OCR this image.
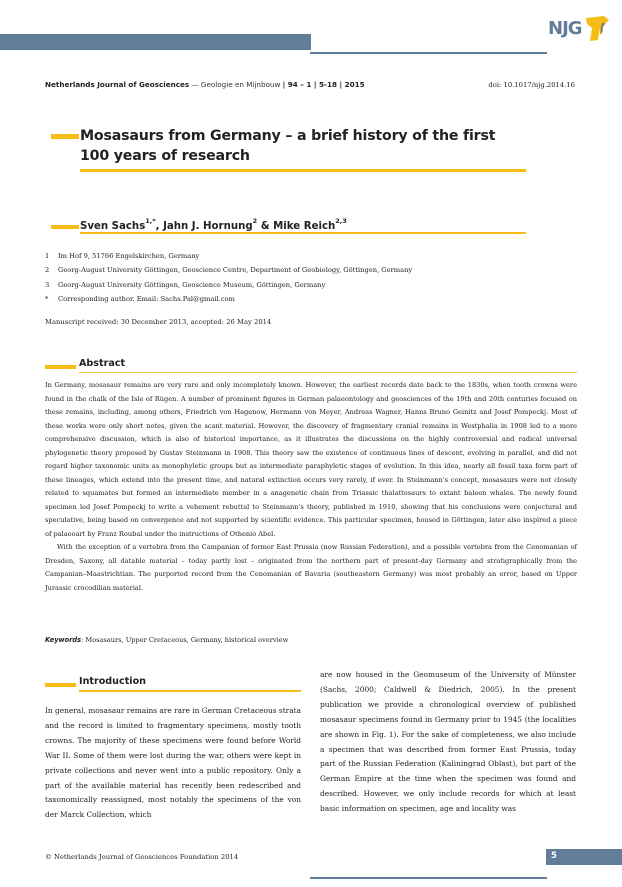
NJG
Netherlands Journal of Geosciences — Geologie en Mijnbouw | 94 – 1 | 5-18 | 2015	doi: 10.1017/njg.2014.16
Mosasaurs from Germany – a brief history of the first
100 years of research
Sven Sachs$^{1,*}$, Jahn J. Hornung$^2$ & Mike Reich$^{2,3}$
1 Im Hof 9, 51766 Engelskirchen, Germany
2 Georg-August University Göttingen, Geoscience Centre, Department of Geobiology, Göttingen, Germany
3 Georg-August University Göttingen, Geoscience Museum, Göttingen, Germany
* Corresponding author. Email: Sachs.Pal@gmail.com
Manuscript received: 30 December 2013, accepted: 26 May 2014
Abstract

In Germany, mosasaur remains are very rare and only incompletely known. However, the earliest records date back to the 1830s, when tooth crowns were found in the chalk of the Isle of Rügen. A number of prominent figures in German palaeontology and geosciences of the 19th and 20th centuries focused on these remains, including, among others, Friedrich von Hagenow, Hermann von Meyer, Andreas Wagner, Hanns Bruno Geinitz and Josef Pompeckj. Most of these works were only short notes, given the scant material. However, the discovery of fragmentary cranial remains in Westphalia in 1908 led to a more comprehensive discussion, which is also of historical importance, as it illustrates the discussions on the highly controversial and radical universal phylogenetic theory proposed by Gustav Steinmann in 1908. This theory saw the existence of continuous lines of descent, evolving in parallel, and did not regard higher taxonomic units as monophyletic groups but as intermediate paraphyletic stages of evolution. In this idea, nearly all fossil taxa form part of these lineages, which extend into the present time, and natural extinction occurs very rarely, if ever. In Steinmann's concept, mosasaurs were not closely related to squamates but formed an intermediate member in a anagenetic chain from Triassic thalattosaurs to extant baleen whales. The newly found specimen led Josef Pompeckj to write a vehement rebuttal to Steinmann's theory, published in 1910, showing that his conclusions were conjectural and speculative, being based on convergence and not supported by scientific evidence. This particular specimen, housed in Göttingen, later also inspired a piece of palaeoart by Franz Roubal under the instructions of Othenio Abel.

With the exception of a vertebra from the Campanian of former East Prussia (now Russian Federation), and a possible vertebra from the Cenomanian of Dresden, Saxony, all datable material – today partly lost – originated from the northern part of present-day Germany and stratigraphically from the Campanian–Maastrichtian. The purported record from the Cenomanian of Bavaria (southeastern Germany) was most probably an error, based on Upper Jurassic crocodilian material.

Keywords: Mosasaurs, Upper Cretaceous, Germany, historical overview
Introduction

In general, mosasaur remains are rare in German Cretaceous strata and the record is limited to fragmentary specimens, mostly tooth crowns. The majority of these specimens were found before World War II. Some of them were lost during the war, others were kept in private collections and never went into a public repository. Only a part of the available material has recently been redescribed and taxonomically reassigned, most notably the specimens of the von der Marck Collection, which

are now housed in the Geomuseum of the University of Münster (Sachs, 2000; Caldwell & Diedrich, 2005). In the present publication we provide a chronological overview of published mosasaur specimens found in Germany prior to 1945 (the localities are shown in Fig. 1). For the sake of completeness, we also include a specimen that was described from former East Prussia, today part of the Russian Federation (Kaliningrad Oblast), but part of the German Empire at the time when the specimen was found and described. However, we only include records for which at least basic information on specimen, age and locality was

© Netherlands Journal of Geosciences Foundation 2014	5
